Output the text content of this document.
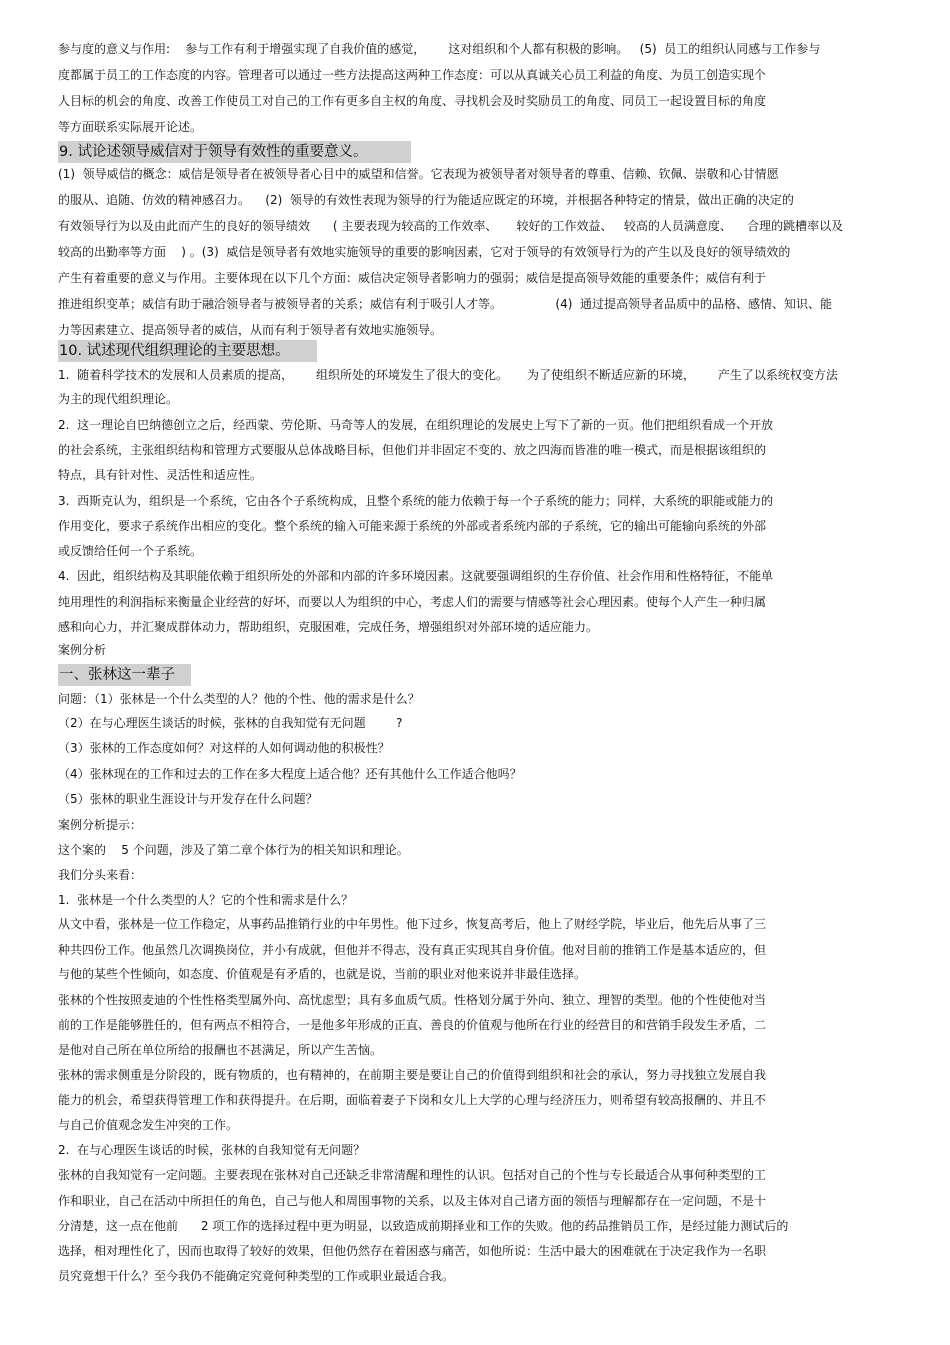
参与度的意义与作用:    参与工作有利于增强实现了自我价值的感觉，      这对组织和个人都有积极的影响。   (5)  员工的组织认同感与工作参与
度都属于员工的工作态度的内容。管理者可以通过一些方法提高这两种工作态度：可以从真诚关心员工利益的角度、为员工创造实现个
人目标的机会的角度、改善工作使员工对自己的工作有更多自主权的角度、寻找机会及时奖励员工的角度、同员工一起设置目标的角度
等方面联系实际展开论述。
9. 试论述领导威信对于领导有效性的重要意义。
(1)  领导威信的概念：威信是领导者在被领导者心目中的威望和信誉。它表现为被领导者对领导者的尊重、信赖、钦佩、崇敬和心甘情愿
的服从、追随、仿效的精神感召力。    (2)  领导的有效性表现为领导的行为能适应既定的环境，并根据各种特定的情景，做出正确的决定的
有效领导行为以及由此而产生的良好的领导绩效      ( 主要表现为较高的工作效率、     较好的工作效益、   较高的人员满意度、    合理的跳槽率以及
较高的出勤率等方面    ) 。(3)  威信是领导者有效地实施领导的重要的影响因素，它对于领导的有效领导行为的产生以及良好的领导绩效的
产生有着重要的意义与作用。主要体现在以下几个方面：威信决定领导者影响力的强弱；威信是提高领导效能的重要条件；威信有利于
推进组织变革；威信有助于融洽领导者与被领导者的关系；威信有利于吸引人才等。              (4)  通过提高领导者品质中的品格、感情、知识、能
力等因素建立、提高领导者的威信，从而有利于领导者有效地实施领导。
10. 试述现代组织理论的主要思想。
1.  随着科学技术的发展和人员素质的提高，      组织所处的环境发生了很大的变化。     为了使组织不断适应新的环境，      产生了以系统权变方法
为主的现代组织理论。
2.  这一理论自巴纳德创立之后，经西蒙、劳伦斯、马奇等人的发展，在组织理论的发展史上写下了新的一页。他们把组织看成一个开放
的社会系统，主张组织结构和管理方式要服从总体战略目标，但他们并非固定不变的、放之四海而皆准的唯一模式，而是根据该组织的
特点，具有针对性、灵活性和适应性。
3.  西斯克认为，组织是一个系统，它由各个子系统构成，且整个系统的能力依赖于每一个子系统的能力；同样，大系统的职能或能力的
作用变化，要求子系统作出相应的变化。整个系统的输入可能来源于系统的外部或者系统内部的子系统，它的输出可能输向系统的外部
或反馈给任何一个子系统。
4.  因此，组织结构及其职能依赖于组织所处的外部和内部的许多环境因素。这就要强调组织的生存价值、社会作用和性格特征，不能单
纯用理性的利润指标来衡量企业经营的好坏，而要以人为组织的中心，考虑人们的需要与情感等社会心理因素。使每个人产生一种归属
感和向心力，并汇聚成群体动力，帮助组织，克服困难，完成任务，增强组织对外部环境的适应能力。
案例分析
一、张林这一辈子
问题：（1）张林是一个什么类型的人？他的个性、他的需求是什么？
（2）在与心理医生谈话的时候，张林的自我知觉有无问题        ?
（3）张林的工作态度如何？对这样的人如何调动他的积极性？
（4）张林现在的工作和过去的工作在多大程度上适合他？还有其他什么工作适合他吗？
（5）张林的职业生涯设计与开发存在什么问题？
案例分析提示：
这个案的    5 个问题，涉及了第二章个体行为的相关知识和理论。
我们分头来看：
1.  张林是一个什么类型的人？它的个性和需求是什么？
从文中看，张林是一位工作稳定，从事药品推销行业的中年男性。他下过乡，恢复高考后，他上了财经学院，毕业后，他先后从事了三
种共四份工作。他虽然几次调换岗位，并小有成就，但他并不得志，没有真正实现其自身价值。他对目前的推销工作是基本适应的，但
与他的某些个性倾向，如态度、价值观是有矛盾的，也就是说，当前的职业对他来说并非最佳选择。
张林的个性按照麦迪的个性性格类型属外向、高忧虑型；具有多血质气质。性格划分属于外向、独立、理智的类型。他的个性使他对当
前的工作是能够胜任的，但有两点不相符合，一是他多年形成的正直、善良的价值观与他所在行业的经营目的和营销手段发生矛盾，二
是他对自己所在单位所给的报酬也不甚满足，所以产生苦恼。
张林的需求侧重是分阶段的，既有物质的，也有精神的，在前期主要是要让自己的价值得到组织和社会的承认，努力寻找独立发展自我
能力的机会，希望获得管理工作和获得提升。在后期，面临着妻子下岗和女儿上大学的心理与经济压力，则希望有较高报酬的、并且不
与自己价值观念发生冲突的工作。
2.  在与心理医生谈话的时候，张林的自我知觉有无问题？
张林的自我知觉有一定问题。主要表现在张林对自己还缺乏非常清醒和理性的认识。包括对自己的个性与专长最适合从事何种类型的工
作和职业，自己在活动中所担任的角色，自己与他人和周围事物的关系，以及主体对自己诸方面的领悟与理解都存在一定问题，不是十
分清楚，这一点在他前      2 项工作的选择过程中更为明显，以致造成前期择业和工作的失败。他的药品推销员工作，是经过能力测试后的
选择，相对理性化了，因而也取得了较好的效果，但他仍然存在着困惑与痛苦，如他所说：生活中最大的困难就在于决定我作为一名职
员究竟想干什么？至今我仍不能确定究竟何种类型的工作或职业最适合我。
